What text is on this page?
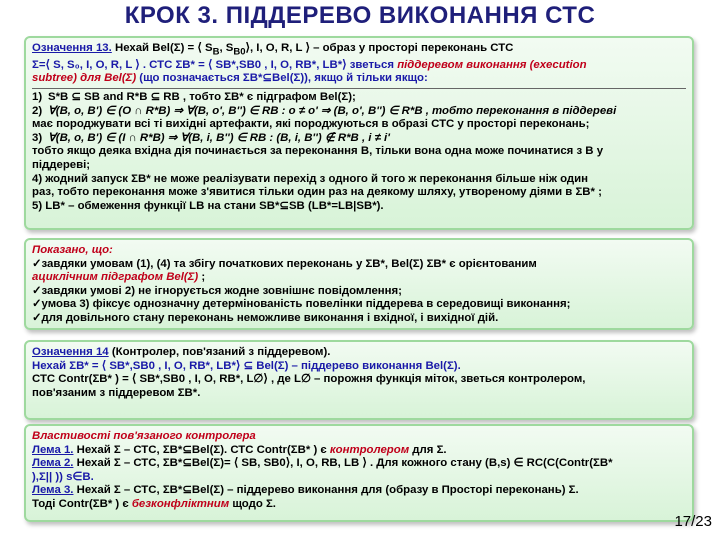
КРОК 3. ПІДДЕРЕВО ВИКОНАННЯ СТС
Означення 13. Нехай Bel(Σ) = ⟨ $S_B$, $S_{B0}⟩$, I, O, R, L ⟩ – образ у просторі переконань СТС
Σ=⟨ S, S₀, I, O, R, L ⟩ . СТС ΣB* = ⟨ SB*,SB0 , I, O, RB*, LB*⟩ зветься піддеревом виконання (execution
subtree) для Bel(Σ) (що позначається ΣB*⊆Bel(Σ)), якщо й тільки якщо:
1) S*B ⊆ SB and R*B ⊆ RB , тобто ΣB* є підграфом Bel(Σ);
2) ∀(B, o, B') ∈ (O ∩ R*B) ⇒ ∀(B, o', B'') ∈ RB : o ≠ o' ⇒ (B, o', B'') ∈ R*B , тобто переконання в піддереві
має породжувати всі ті вихідні артефакти, які породжуються в образі СТС у просторі переконань;
3) ∀(B, o, B') ∈ (I ∩ R*B) ⇒ ∀(B, i, B'') ∈ RB : (B, i, B'') ∉ R*B , i ≠ i'
тобто якщо деяка вхідна дія починається за переконання B, тільки вона одна може починатися з B у
піддереві;
4) жодний запуск ΣB* не може реалізувати перехід з одного й того ж переконання більше ніж один
раз, тобто переконання може з'явитися тільки один раз на деякому шляху, утвореному діями в ΣB* ;
5) LB* – обмеження функції LB на стани SB*⊆SB (LB*=LB|SB*).
Показано, що:
✓завдяки умовам (1), (4) та збігу початкових переконань у ΣB*, Bel(Σ) ΣB* є орієнтованим
ациклічним підграфом Bel(Σ) ;
✓завдяки умові 2) не ігнорується жодне зовнішнє повідомлення;
✓умова 3) фіксує однозначну детермінованість повелінки піддерева в середовищі виконання;
✓для довільного стану переконань неможливе виконання і вхідної, і вихідної дій.
Означення 14 (Контролер, пов'язаний з піддеревом).
Нехай ΣB* = ⟨ SB*,SB0 , I, O, RB*, LB*⟩ ⊆ Bel(Σ) – піддерево виконання Bel(Σ).
СТС Contr(ΣB* ) = ⟨ SB*,SB0 , I, O, RB*, L∅⟩ , де L∅ – порожня функція міток, зветься контролером,
пов'язаним з піддеревом ΣB*.
Властивості пов'язаного контролера
Лема 1. Нехай Σ – СТС, ΣB*⊆Bel(Σ). СТС Contr(ΣB* ) є контролером для Σ.
Лема 2. Нехай Σ – СТС, ΣB*⊆Bel(Σ)= ⟨ SB, SB0⟩, I, O, RB, LB ⟩ . Для кожного стану (B,s) ∈ RC(C(Contr(ΣB*
),Σ|| )) s∈B.
Лема 3. Нехай Σ – СТС, ΣB*⊆Bel(Σ) – піддерево виконання для (образу в Просторі переконань) Σ.
Тоді Contr(ΣB* ) є безконфліктним щодо Σ.
17/23
